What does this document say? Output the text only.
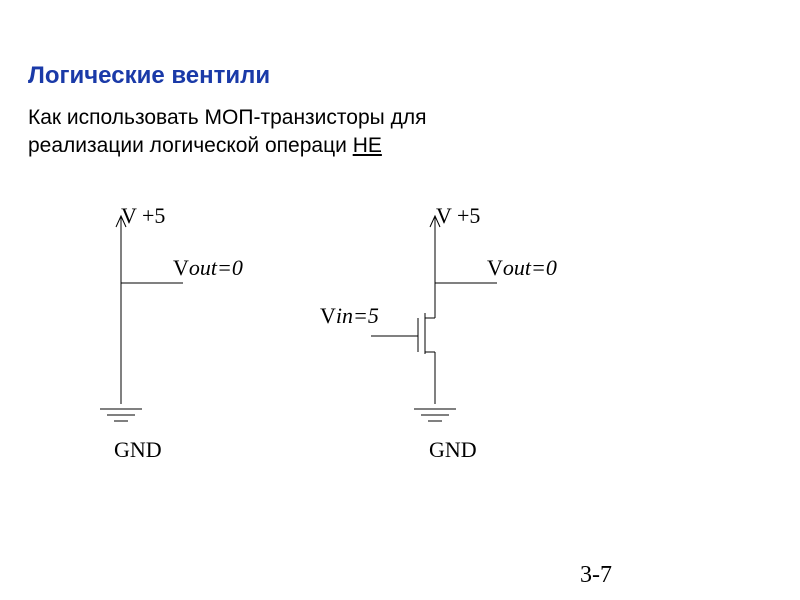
Логические вентили

Как использовать МОП-транзисторы для
реализации логической операци НЕ

V +5
Vout=0
GND
V +5
Vout=0
Vin=5
GND
3-7
